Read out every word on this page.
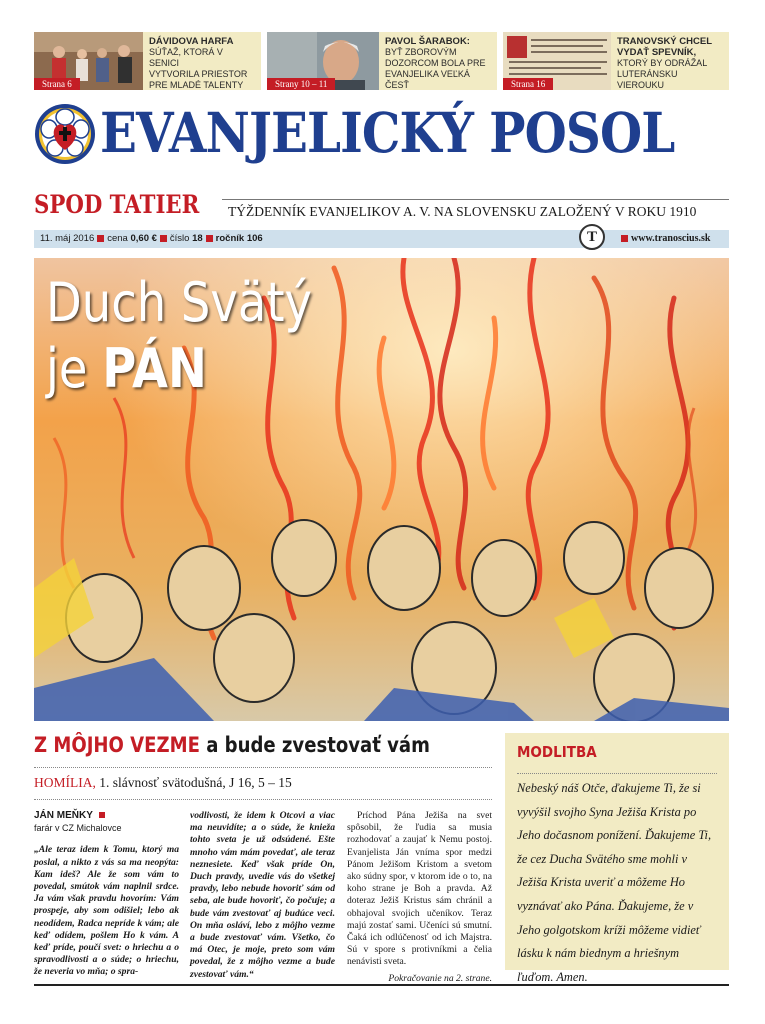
Strana 6
DÁVIDOVA HARFA
SÚŤAŽ, KTORÁ V SENICI
VYTVORILA PRIESTOR
PRE MLADÉ TALENTY	Strany 10 – 11
PAVOL ŠARABOK:
BYŤ ZBOROVÝM
DOZORCOM BOLA PRE
EVANJELIKA VEĽKÁ ČESŤ	Strana 16
TRANOVSKÝ CHCEL
VYDAŤ SPEVNÍK,
KTORÝ BY ODRÁŽAL
LUTERÁNSKU VIEROUKU
EVANJELICKÝ POSOL
SPOD TATIER TÝŽDENNÍK EVANJELIKOV A. V. NA SLOVENSKU ZALOŽENÝ V ROKU 1910
11. máj 2016 cena 0,60 € číslo 18 ročník 106	T	www.tranoscius.sk
Duch Svätý
je PÁN
Z MÔJHO VEZME a bude zvestovať vám
HOMÍLIA, 1. slávnosť svätodušná, J 16, 5 – 15
JÁN MEŇKY
farár v CZ Michalovce

„Ale teraz idem k Tomu, ktorý ma poslal, a nikto z vás sa ma neopýta: Kam ideš? Ale že som vám to povedal, smútok vám naplnil srdce. Ja vám však pravdu hovorím: Vám prospeje, aby som odišiel; lebo ak neodídem, Radca nepríde k vám; ale keď odídem, pošlem Ho k vám. A keď príde, poučí svet: o hriechu a o spravodlivosti a o súde; o hriechu, že neveria vo mňa; o spra-

vodlivosti, že idem k Otcovi a viac ma neuvidíte; a o súde, že knieža tohto sveta je už odsúdené. Ešte mnoho vám mám povedať, ale teraz neznesiete. Keď však príde On, Duch pravdy, uvedie vás do všetkej pravdy, lebo nebude hovoriť sám od seba, ale bude hovoriť, čo počuje; a bude vám zvestovať aj budúce veci. On mňa osláví, lebo z môjho vezme a bude zvestovať vám. Všetko, čo má Otec, je moje, preto som vám povedal, že z môjho vezme a bude zvestovať vám.“

Príchod Pána Ježiša na svet spôsobil, že ľudia sa musia rozhodovať a zaujať k Nemu postoj. Evanjelista Ján vníma spor medzi Pánom Ježišom Kristom a svetom ako súdny spor, v ktorom ide o to, na koho strane je Boh a pravda. Až doteraz Ježiš Kristus sám chránil a obhajoval svojich učeníkov. Teraz majú zostať sami. Učeníci sú smutní. Čaká ich odlúčenosť od ich Majstra. Sú v spore s protivníkmi a čelia nenávisti sveta.

Pokračovanie na 2. strane.

MODLITBA
Nebeský náš Otče, ďakujeme Ti, že si vyvýšil svojho Syna Ježiša Krista po Jeho dočasnom ponížení. Ďakujeme Ti, že cez Ducha Svätého sme mohli v Ježiša Krista uveriť a môžeme Ho vyznávať ako Pána. Ďakujeme, že v Jeho golgotskom kríži môžeme vidieť lásku k nám biednym a hriešnym ľuďom. Amen.
